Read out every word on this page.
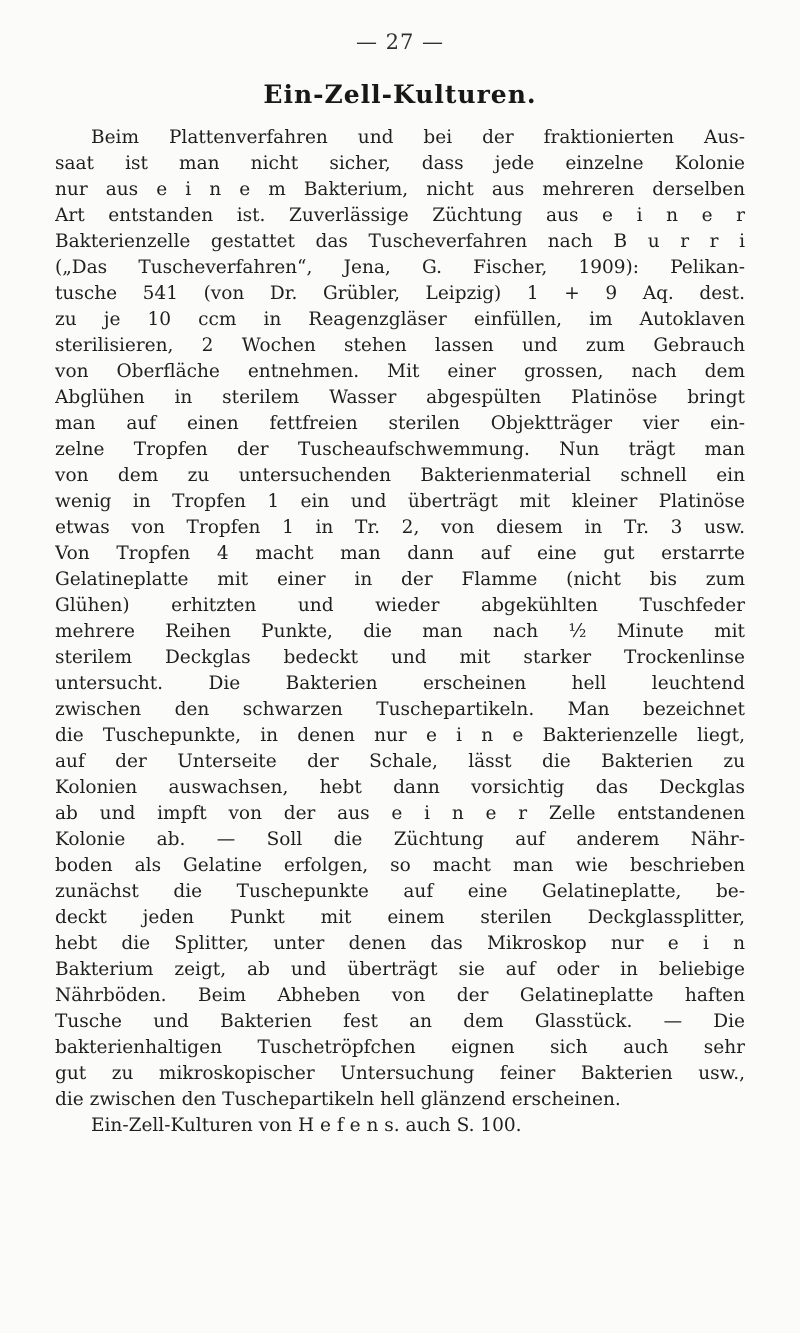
— 27 —
Ein-Zell-Kulturen.
Beim Plattenverfahren und bei der fraktionierten Aus-
saat ist man nicht sicher, dass jede einzelne Kolonie
nur aus e i n e m Bakterium, nicht aus mehreren derselben
Art entstanden ist. Zuverlässige Züchtung aus e i n e r
Bakterienzelle gestattet das Tuscheverfahren nach B u r r i
(„Das Tuscheverfahren“, Jena, G. Fischer, 1909): Pelikan-
tusche 541 (von Dr. Grübler, Leipzig) 1 + 9 Aq. dest.
zu je 10 ccm in Reagenzgläser einfüllen, im Autoklaven
sterilisieren, 2 Wochen stehen lassen und zum Gebrauch
von Oberfläche entnehmen. Mit einer grossen, nach dem
Abglühen in sterilem Wasser abgespülten Platinöse bringt
man auf einen fettfreien sterilen Objektträger vier ein-
zelne Tropfen der Tuscheaufschwemmung. Nun trägt man
von dem zu untersuchenden Bakterienmaterial schnell ein
wenig in Tropfen 1 ein und überträgt mit kleiner Platinöse
etwas von Tropfen 1 in Tr. 2, von diesem in Tr. 3 usw.
Von Tropfen 4 macht man dann auf eine gut erstarrte
Gelatineplatte mit einer in der Flamme (nicht bis zum
Glühen) erhitzten und wieder abgekühlten Tuschfeder
mehrere Reihen Punkte, die man nach ½ Minute mit
sterilem Deckglas bedeckt und mit starker Trockenlinse
untersucht. Die Bakterien erscheinen hell leuchtend
zwischen den schwarzen Tuschepartikeln. Man bezeichnet
die Tuschepunkte, in denen nur e i n e Bakterienzelle liegt,
auf der Unterseite der Schale, lässt die Bakterien zu
Kolonien auswachsen, hebt dann vorsichtig das Deckglas
ab und impft von der aus e i n e r Zelle entstandenen
Kolonie ab. — Soll die Züchtung auf anderem Nähr-
boden als Gelatine erfolgen, so macht man wie beschrieben
zunächst die Tuschepunkte auf eine Gelatineplatte, be-
deckt jeden Punkt mit einem sterilen Deckglassplitter,
hebt die Splitter, unter denen das Mikroskop nur e i n
Bakterium zeigt, ab und überträgt sie auf oder in beliebige
Nährböden. Beim Abheben von der Gelatineplatte haften
Tusche und Bakterien fest an dem Glasstück. — Die
bakterienhaltigen Tuschetröpfchen eignen sich auch sehr
gut zu mikroskopischer Untersuchung feiner Bakterien usw.,
die zwischen den Tuschepartikeln hell glänzend erscheinen.
Ein-Zell-Kulturen von H e f e n s. auch S. 100.
